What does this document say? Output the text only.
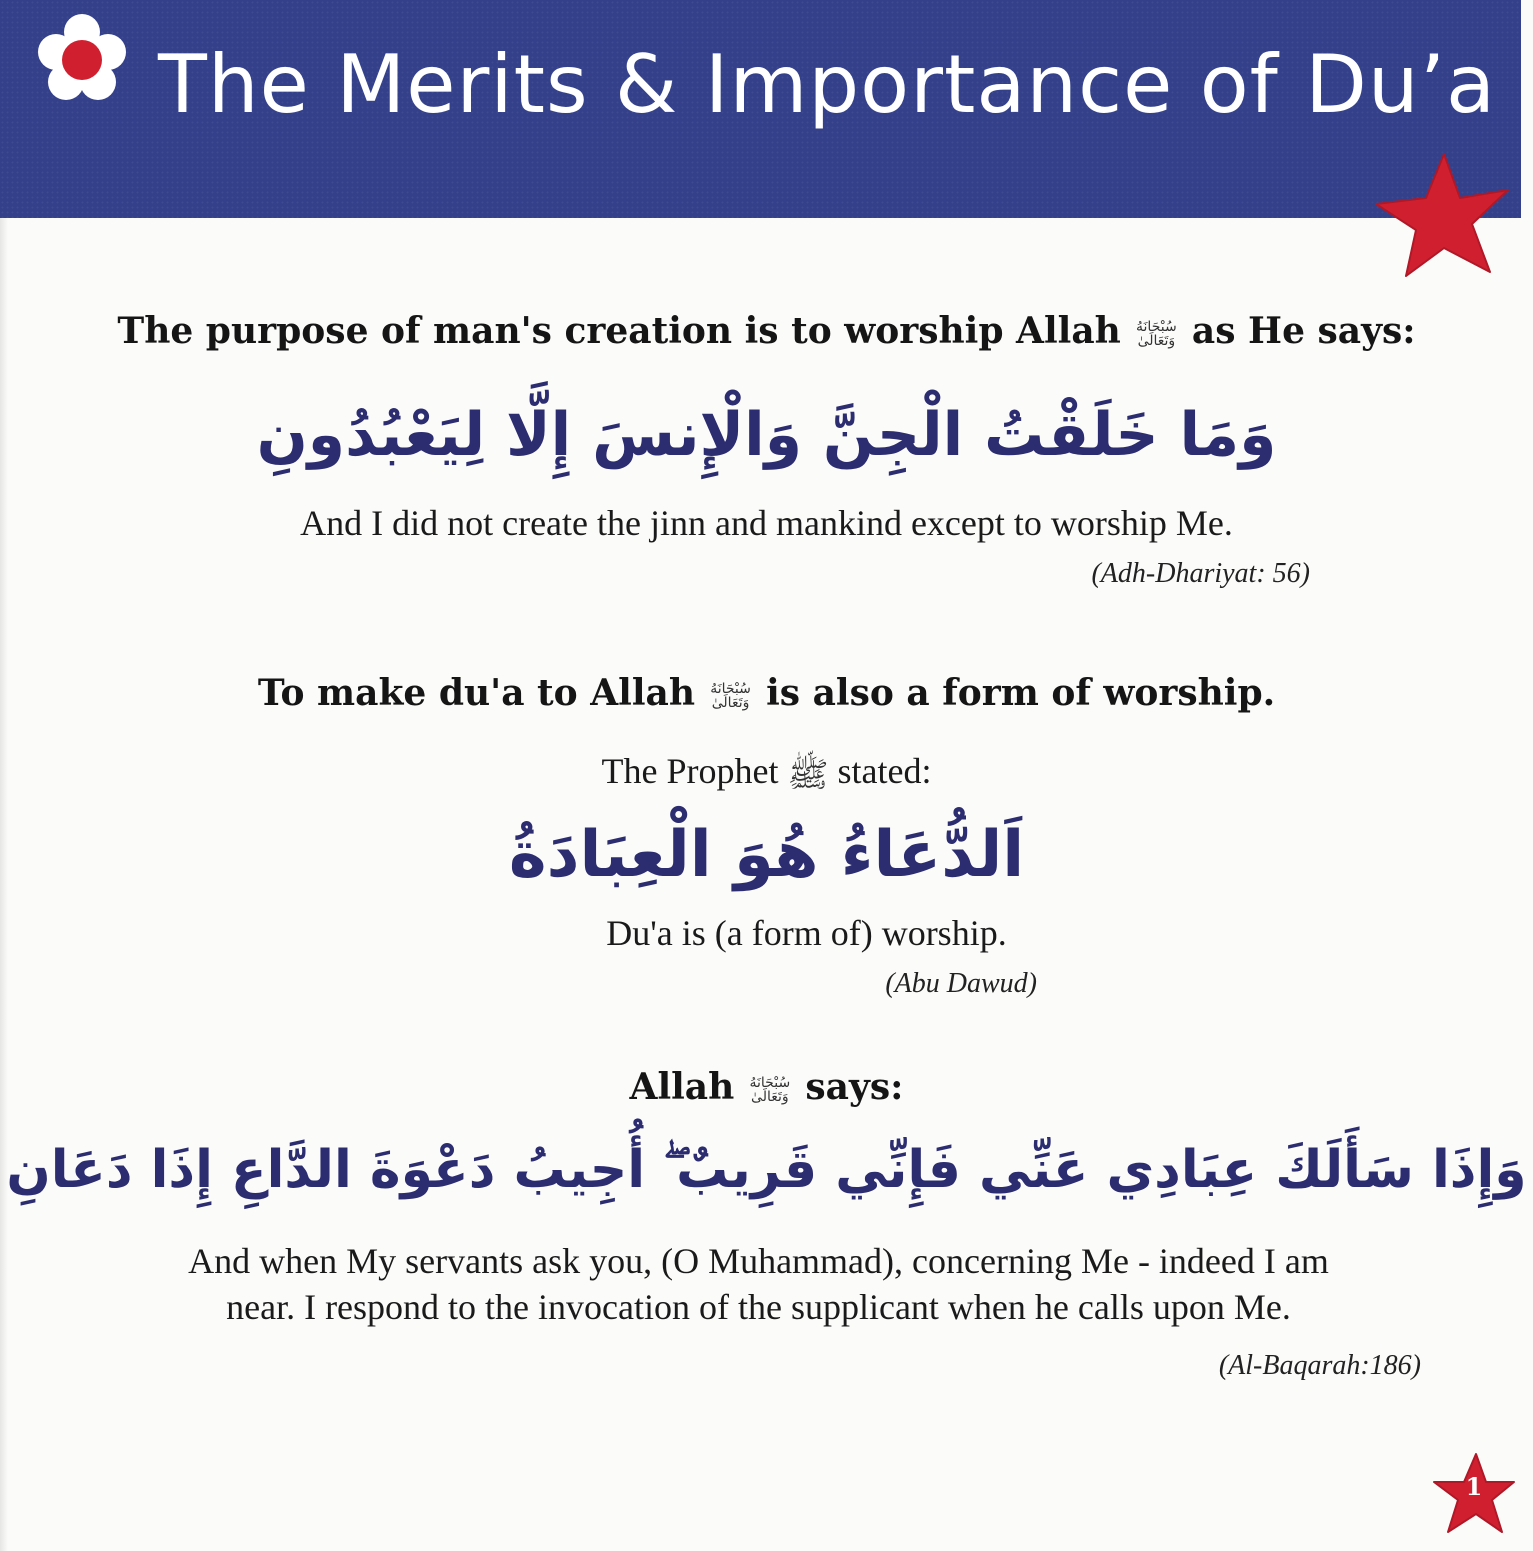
The Merits & Importance of Du’a
The purpose of man's creation is to worship Allah سُبْحَانَهُ وَتَعَالَىٰ as He says:
وَمَا خَلَقْتُ الْجِنَّ وَالْإِنسَ إِلَّا لِيَعْبُدُونِ
And I did not create the jinn and mankind except to worship Me.
(Adh-Dhariyat: 56)
To make du'a to Allah سُبْحَانَهُ وَتَعَالَىٰ is also a form of worship.
The Prophet ﷺ stated:
اَلدُّعَاءُ هُوَ الْعِبَادَةُ
Du'a is (a form of) worship.
(Abu Dawud)
Allah سُبْحَانَهُ وَتَعَالَىٰ says:
وَإِذَا سَأَلَكَ عِبَادِي عَنِّي فَإِنِّي قَرِيبٌ ۖ أُجِيبُ دَعْوَةَ الدَّاعِ إِذَا دَعَانِ
And when My servants ask you, (O Muhammad), concerning Me - indeed I am
near. I respond to the invocation of the supplicant when he calls upon Me.
(Al-Baqarah:186)
1
